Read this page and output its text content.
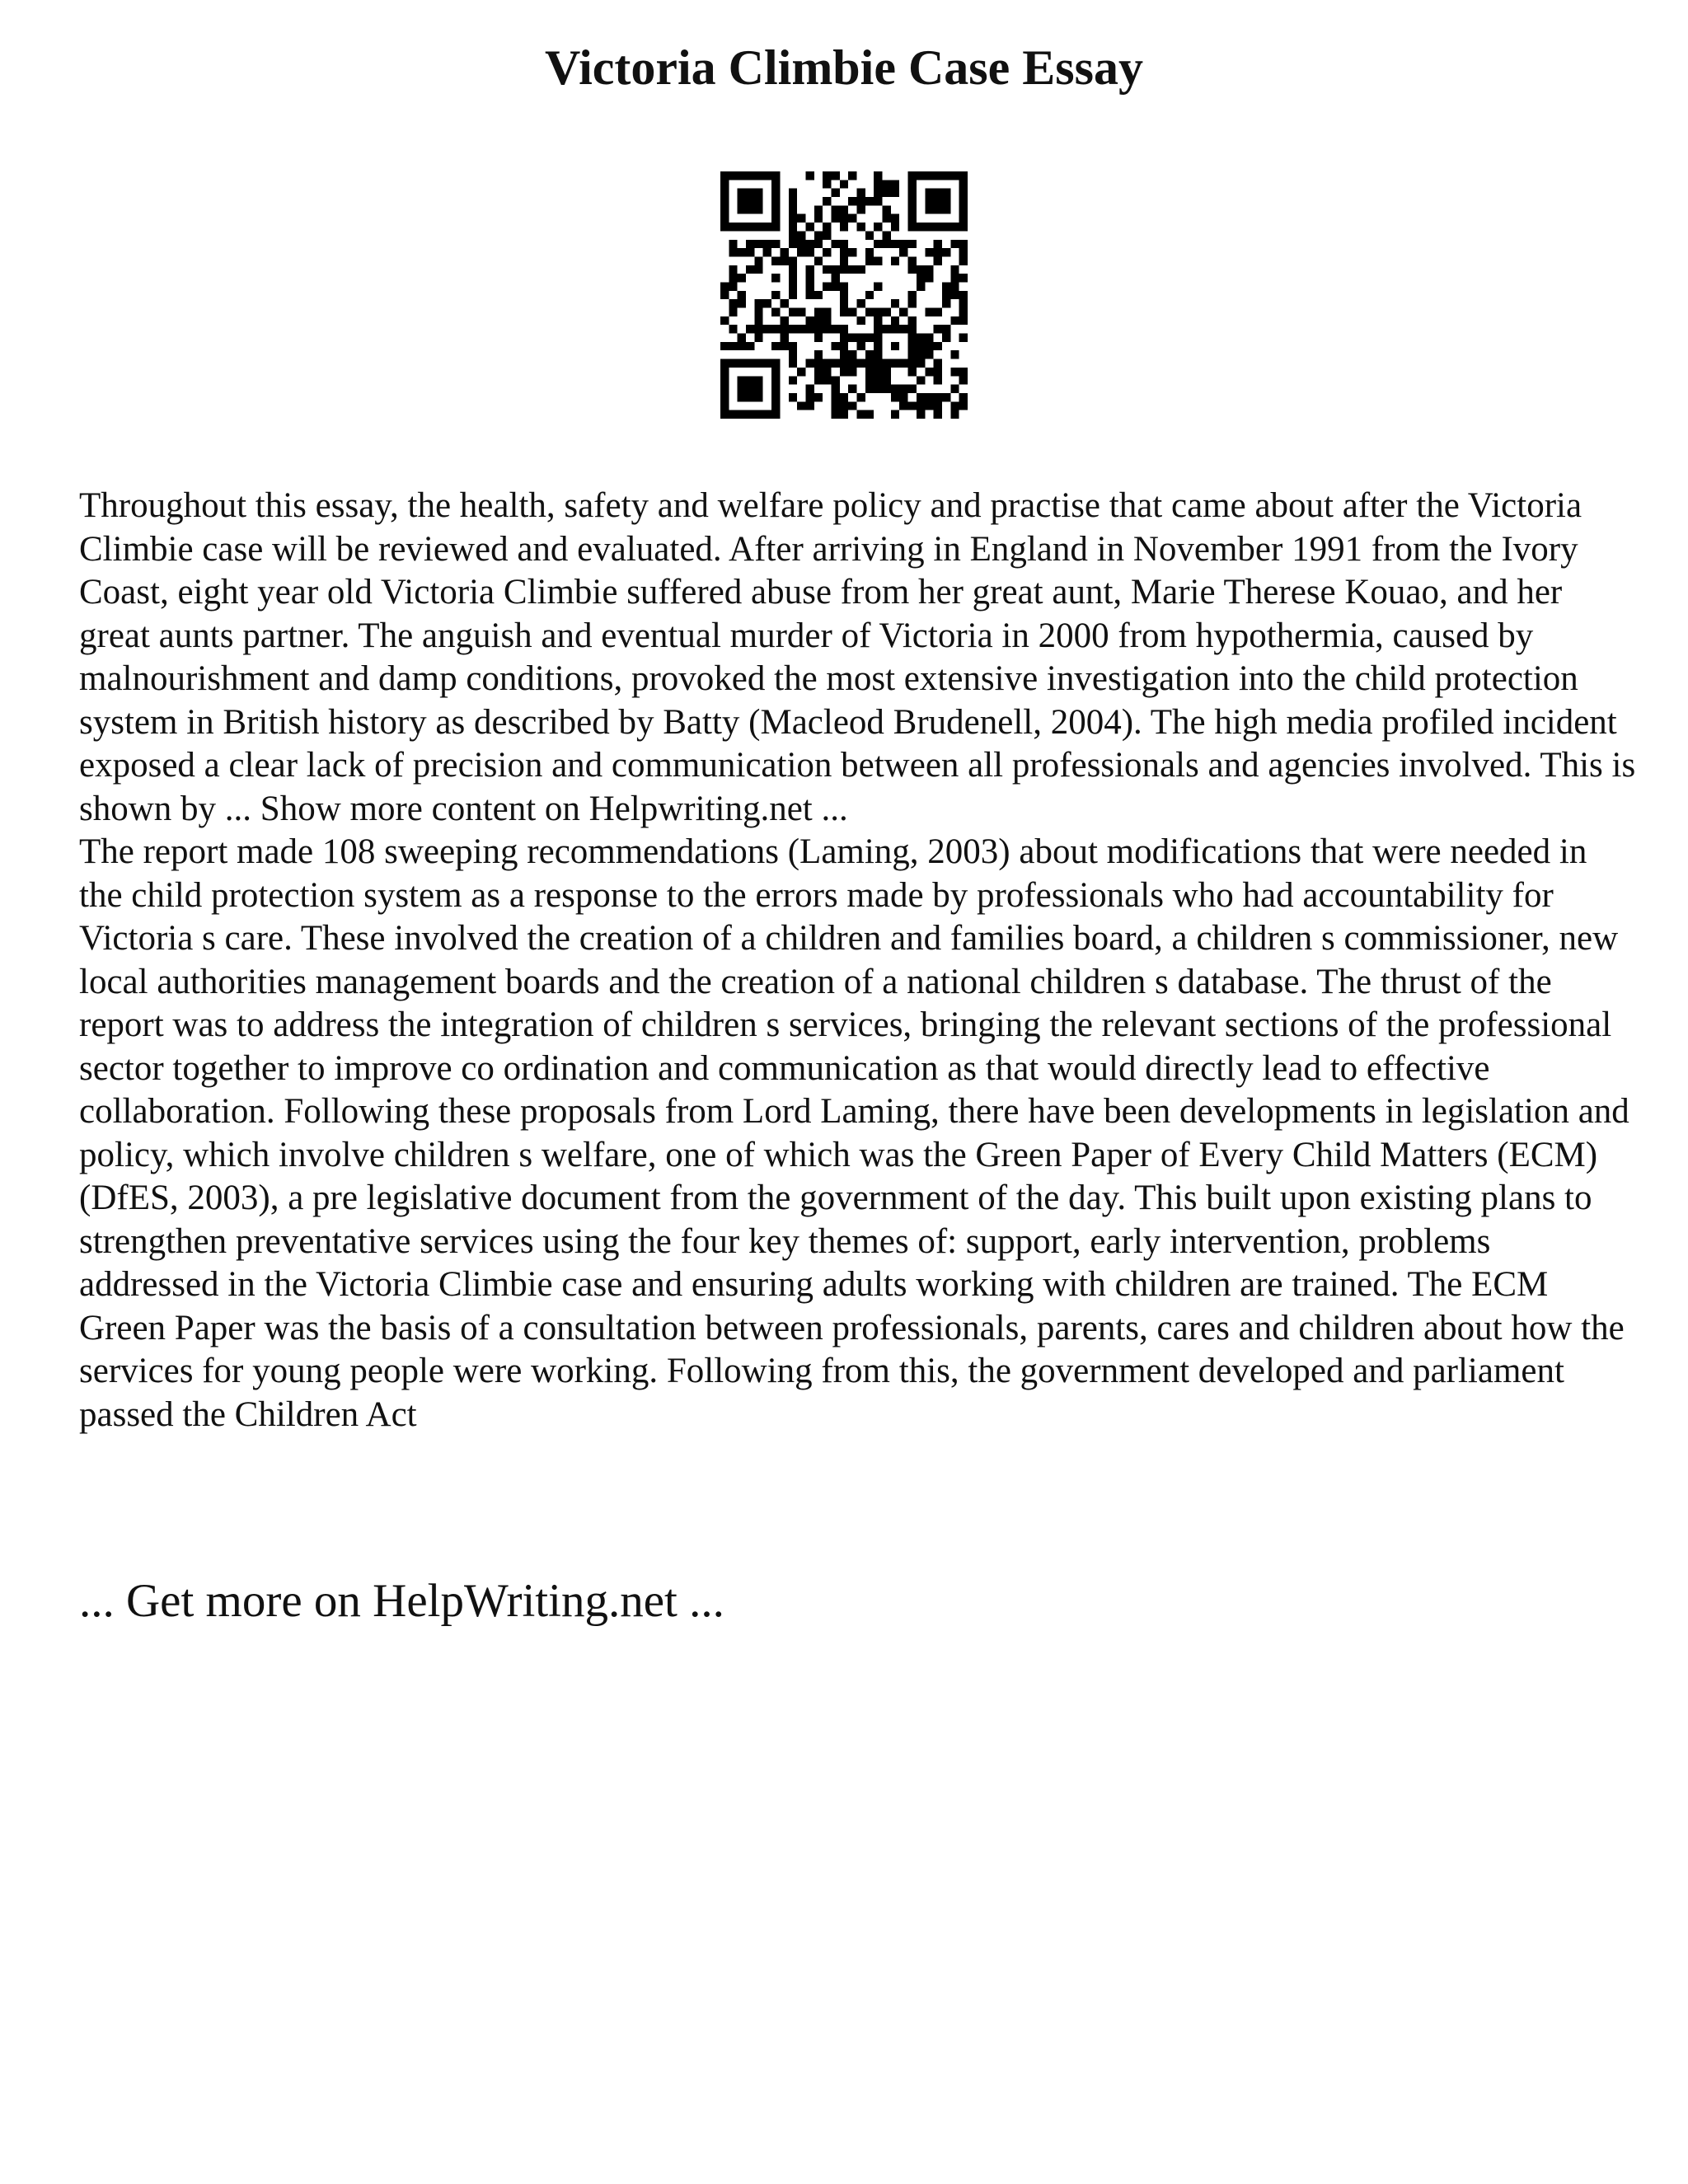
Victoria Climbie Case Essay

Throughout this essay, the health, safety and welfare policy and practise that came about after the Victoria Climbie case will be reviewed and evaluated. After arriving in England in November 1991 from the Ivory Coast, eight year old Victoria Climbie suffered abuse from her great aunt, Marie Therese Kouao, and her great aunts partner. The anguish and eventual murder of Victoria in 2000 from hypothermia, caused by malnourishment and damp conditions, provoked the most extensive investigation into the child protection system in British history as described by Batty (Macleod Brudenell, 2004). The high media profiled incident exposed a clear lack of precision and communication between all professionals and agencies involved. This is shown by ... Show more content on Helpwriting.net ...

The report made 108 sweeping recommendations (Laming, 2003) about modifications that were needed in the child protection system as a response to the errors made by professionals who had accountability for Victoria s care. These involved the creation of a children and families board, a children s commissioner, new local authorities management boards and the creation of a national children s database. The thrust of the report was to address the integration of children s services, bringing the relevant sections of the professional sector together to improve co ordination and communication as that would directly lead to effective collaboration. Following these proposals from Lord Laming, there have been developments in legislation and policy, which involve children s welfare, one of which was the Green Paper of Every Child Matters (ECM) (DfES, 2003), a pre legislative document from the government of the day. This built upon existing plans to strengthen preventative services using the four key themes of: support, early intervention, problems addressed in the Victoria Climbie case and ensuring adults working with children are trained. The ECM Green Paper was the basis of a consultation between professionals, parents, cares and children about how the services for young people were working. Following from this, the government developed and parliament passed the Children Act

... Get more on HelpWriting.net ...
